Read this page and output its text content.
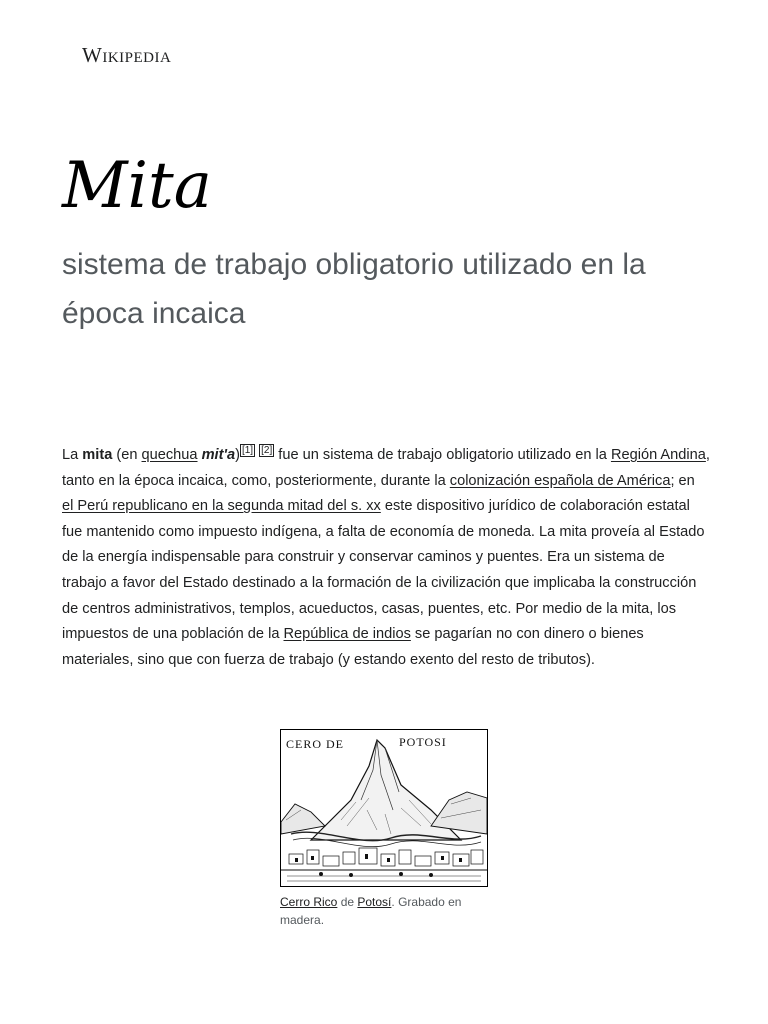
Wikipedia
Mita
sistema de trabajo obligatorio utilizado en la época incaica

La mita (en quechua mit'a) [1] [2] fue un sistema de trabajo obligatorio utilizado en la Región Andina, tanto en la época incaica, como, posteriormente, durante la colonización española de América; en el Perú republicano en la segunda mitad del s. xx este dispositivo jurídico de colaboración estatal fue mantenido como impuesto indígena, a falta de economía de moneda. La mita proveía al Estado de la energía indispensable para construir y conservar caminos y puentes. Era un sistema de trabajo a favor del Estado destinado a la formación de la civilización que implicaba la construcción de centros administrativos, templos, acueductos, casas, puentes, etc. Por medio de la mita, los impuestos de una población de la República de indios se pagarían no con dinero o bienes materiales, sino que con fuerza de trabajo (y estando exento del resto de tributos).

CERO DE	POTOSI
Cerro Rico de Potosí. Grabado en madera.
